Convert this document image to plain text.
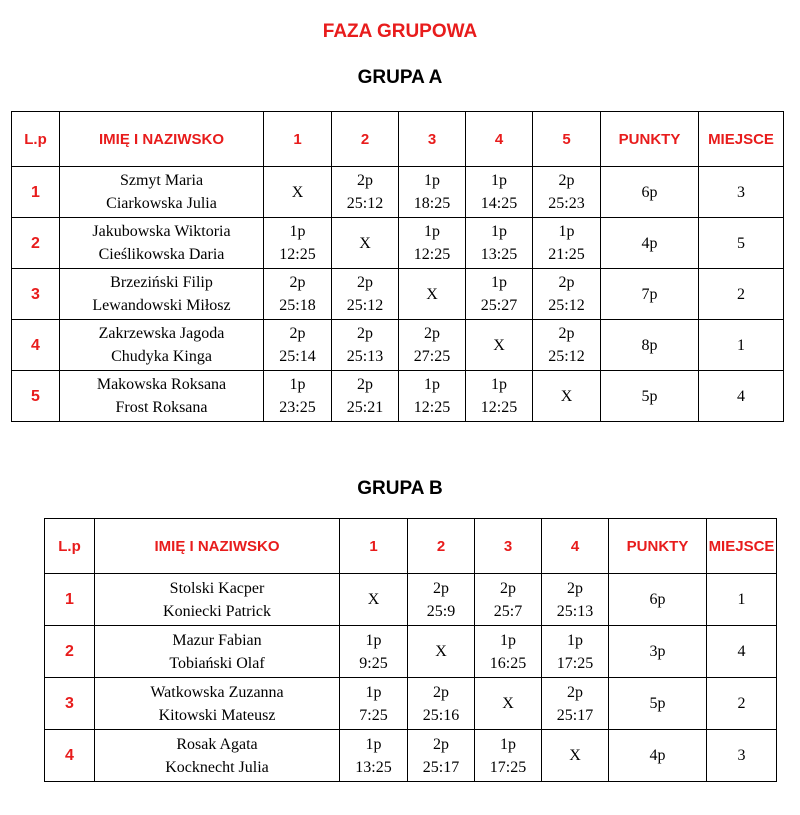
FAZA GRUPOWA
GRUPA A
L.p	IMIĘ I NAZIWSKO	1	2	3	4	5	PUNKTY	MIEJSCE
1	Szmyt Maria
Ciarkowska Julia	X	2p
25:12	1p
18:25	1p
14:25	2p
25:23	6p	3
2	Jakubowska Wiktoria
Cieślikowska Daria	1p
12:25	X	1p
12:25	1p
13:25	1p
21:25	4p	5
3	Brzeziński Filip
Lewandowski Miłosz	2p
25:18	2p
25:12	X	1p
25:27	2p
25:12	7p	2
4	Zakrzewska Jagoda
Chudyka Kinga	2p
25:14	2p
25:13	2p
27:25	X	2p
25:12	8p	1
5	Makowska Roksana
Frost Roksana	1p
23:25	2p
25:21	1p
12:25	1p
12:25	X	5p	4
GRUPA B
L.p	IMIĘ I NAZIWSKO	1	2	3	4	PUNKTY	MIEJSCE
1	Stolski Kacper
Koniecki Patrick	X	2p
25:9	2p
25:7	2p
25:13	6p	1
2	Mazur Fabian
Tobiański Olaf	1p
9:25	X	1p
16:25	1p
17:25	3p	4
3	Watkowska Zuzanna
Kitowski Mateusz	1p
7:25	2p
25:16	X	2p
25:17	5p	2
4	Rosak Agata
Kocknecht Julia	1p
13:25	2p
25:17	1p
17:25	X	4p	3
